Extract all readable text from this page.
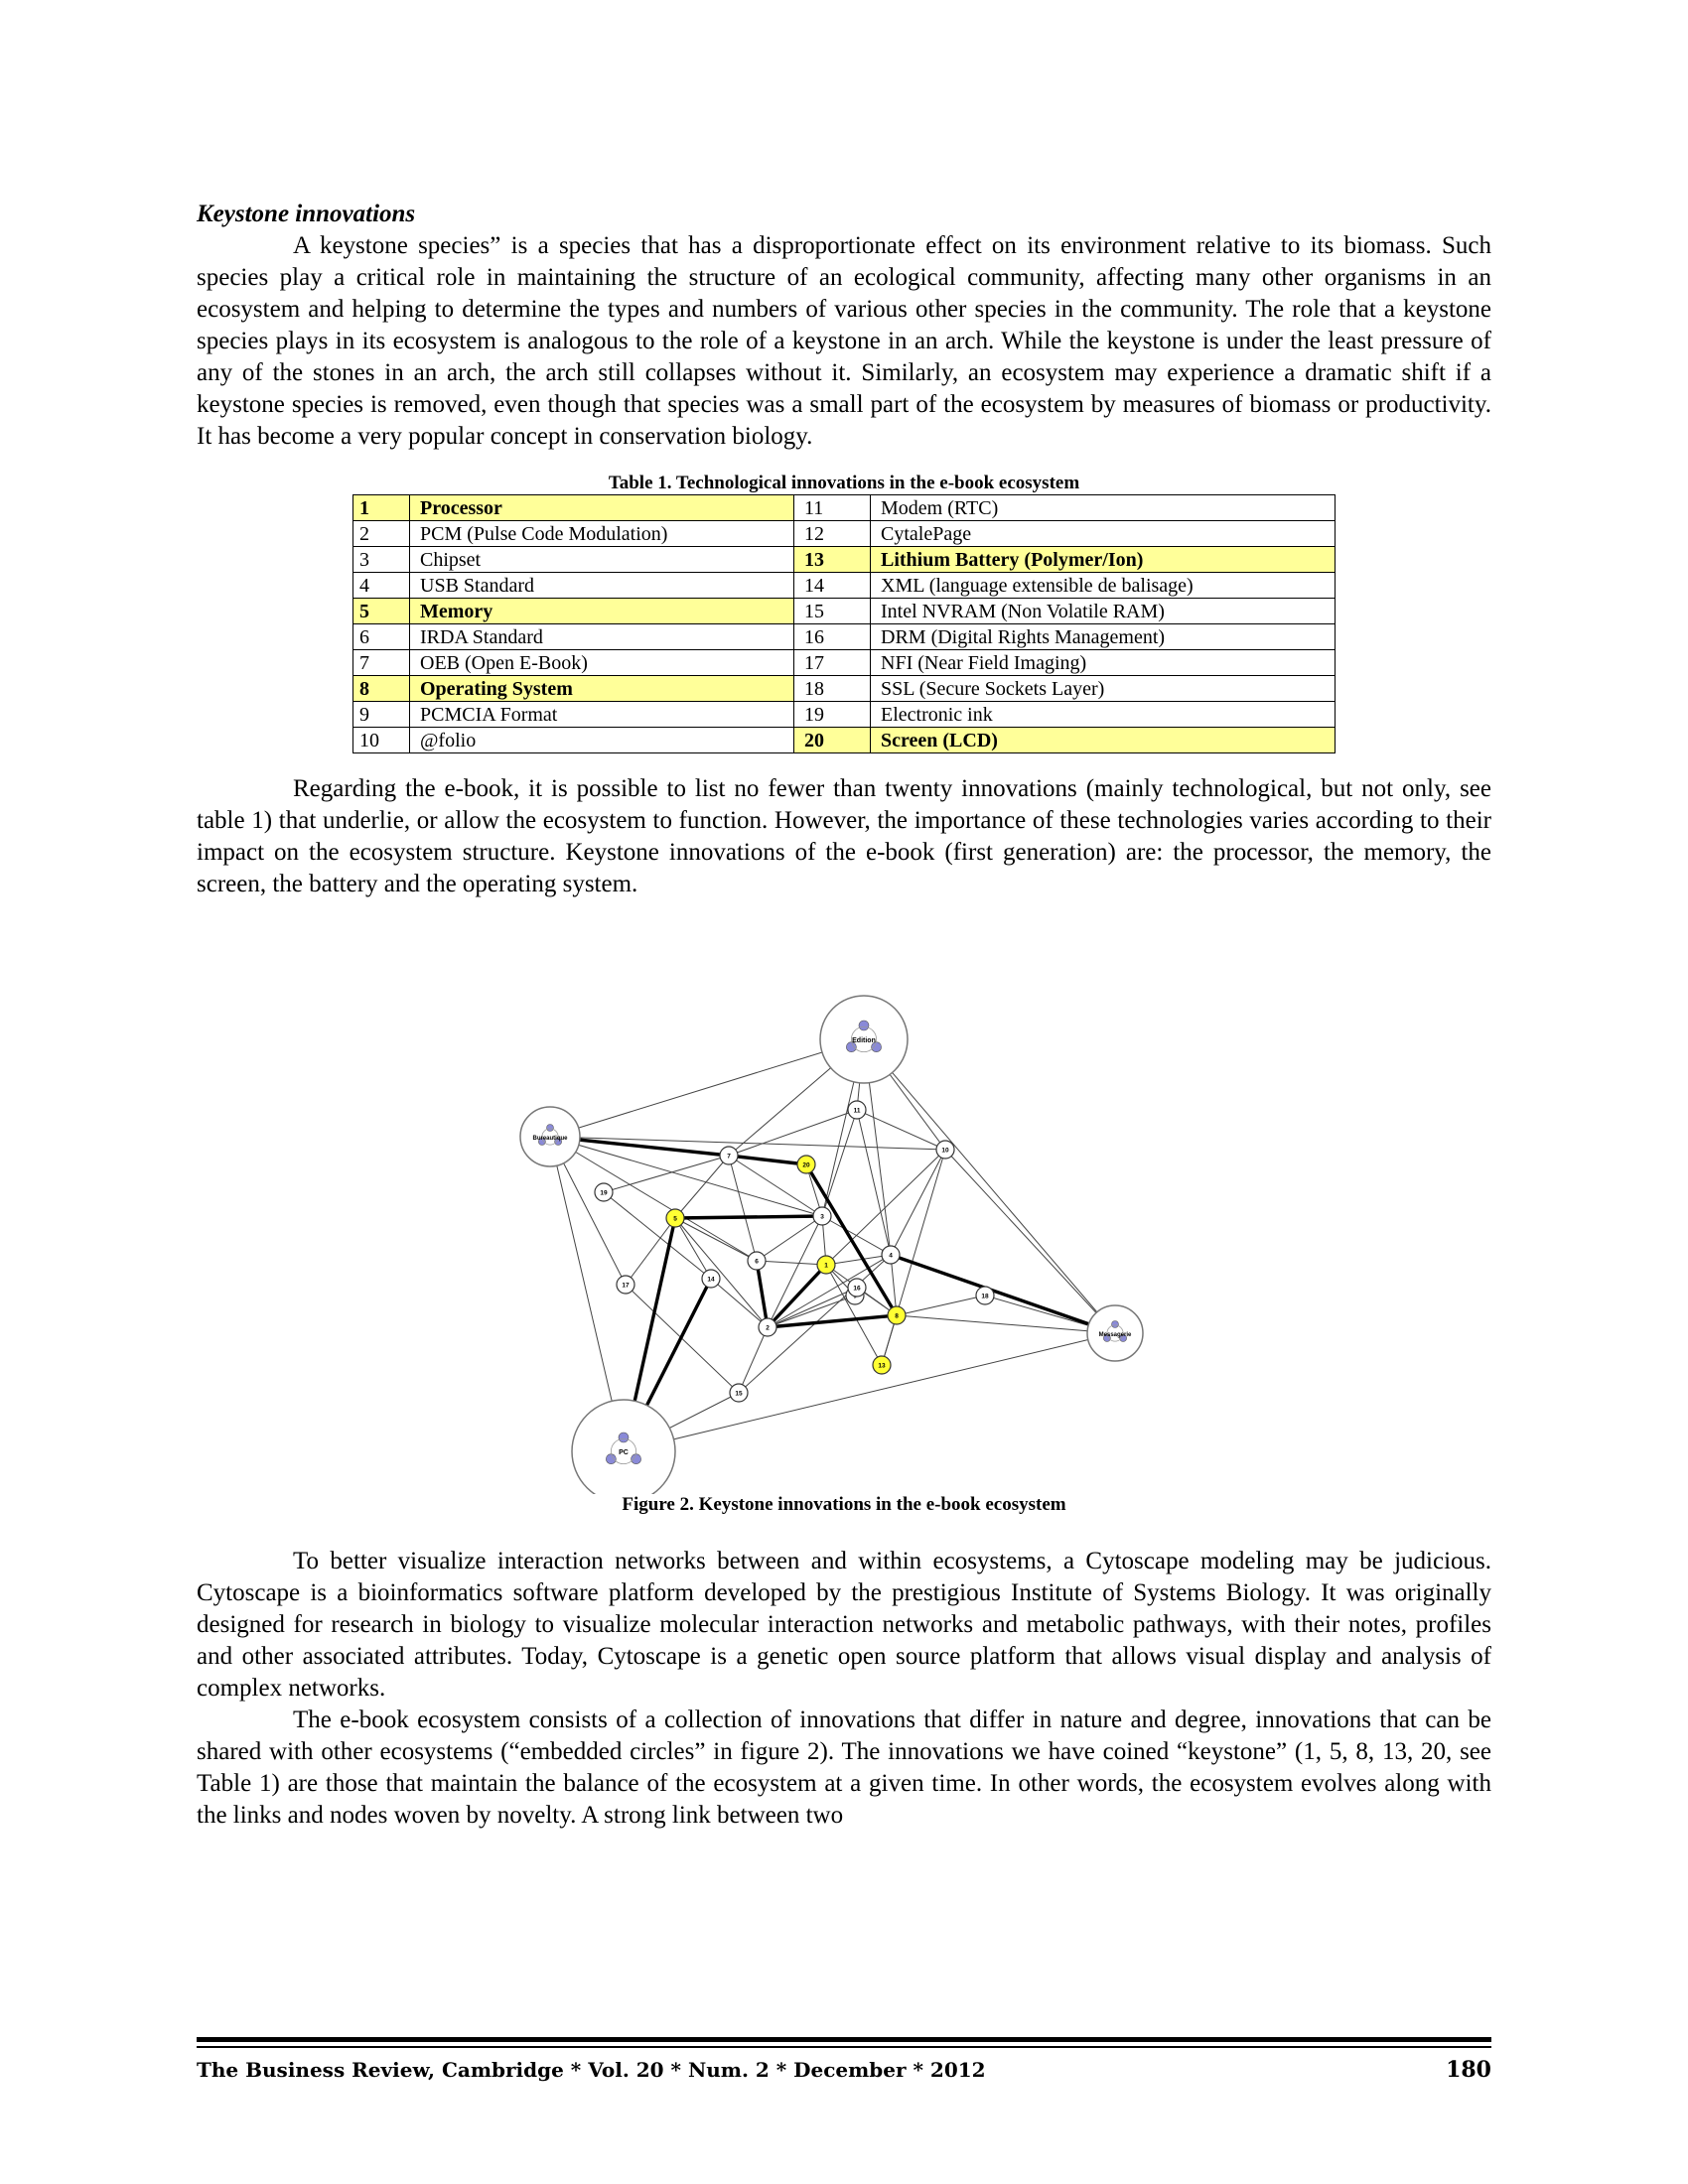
Keystone innovations

A keystone species” is a species that has a disproportionate effect on its environment relative to its biomass. Such species play a critical role in maintaining the structure of an ecological community, affecting many other organisms in an ecosystem and helping to determine the types and numbers of various other species in the community. The role that a keystone species plays in its ecosystem is analogous to the role of a keystone in an arch. While the keystone is under the least pressure of any of the stones in an arch, the arch still collapses without it. Similarly, an ecosystem may experience a dramatic shift if a keystone species is removed, even though that species was a small part of the ecosystem by measures of biomass or productivity. It has become a very popular concept in conservation biology.

Table 1. Technological innovations in the e-book ecosystem
1	Processor	11	Modem (RTC)
2	PCM (Pulse Code Modulation)	12	CytalePage
3	Chipset	13	Lithium Battery (Polymer/Ion)
4	USB Standard	14	XML (language extensible de balisage)
5	Memory	15	Intel NVRAM (Non Volatile RAM)
6	IRDA Standard	16	DRM (Digital Rights Management)
7	OEB (Open E-Book)	17	NFI (Near Field Imaging)
8	Operating System	18	SSL (Secure Sockets Layer)
9	PCMCIA Format	19	Electronic ink
10	@folio	20	Screen (LCD)

Regarding the e-book, it is possible to list no fewer than twenty innovations (mainly technological, but not only, see table 1) that underlie, or allow the ecosystem to function. However, the importance of these technologies varies according to their impact on the ecosystem structure. Keystone innovations of the e-book (first generation) are: the processor, the memory, the screen, the battery and the operating system.

Edition
Bureautique
Messagerie
PC
1
2
3
4
5
6
7
8
10
11
13
14
15
16
17
18
19
20
Figure 2. Keystone innovations in the e-book ecosystem

To better visualize interaction networks between and within ecosystems, a Cytoscape modeling may be judicious. Cytoscape is a bioinformatics software platform developed by the prestigious Institute of Systems Biology. It was originally designed for research in biology to visualize molecular interaction networks and metabolic pathways, with their notes, profiles and other associated attributes. Today, Cytoscape is a genetic open source platform that allows visual display and analysis of complex networks.

The e-book ecosystem consists of a collection of innovations that differ in nature and degree, innovations that can be shared with other ecosystems (“embedded circles” in figure 2). The innovations we have coined “keystone” (1, 5, 8, 13, 20, see Table 1) are those that maintain the balance of the ecosystem at a given time. In other words, the ecosystem evolves along with the links and nodes woven by novelty. A strong link between two

The Business Review, Cambridge * Vol. 20 * Num. 2 * December * 2012	180
